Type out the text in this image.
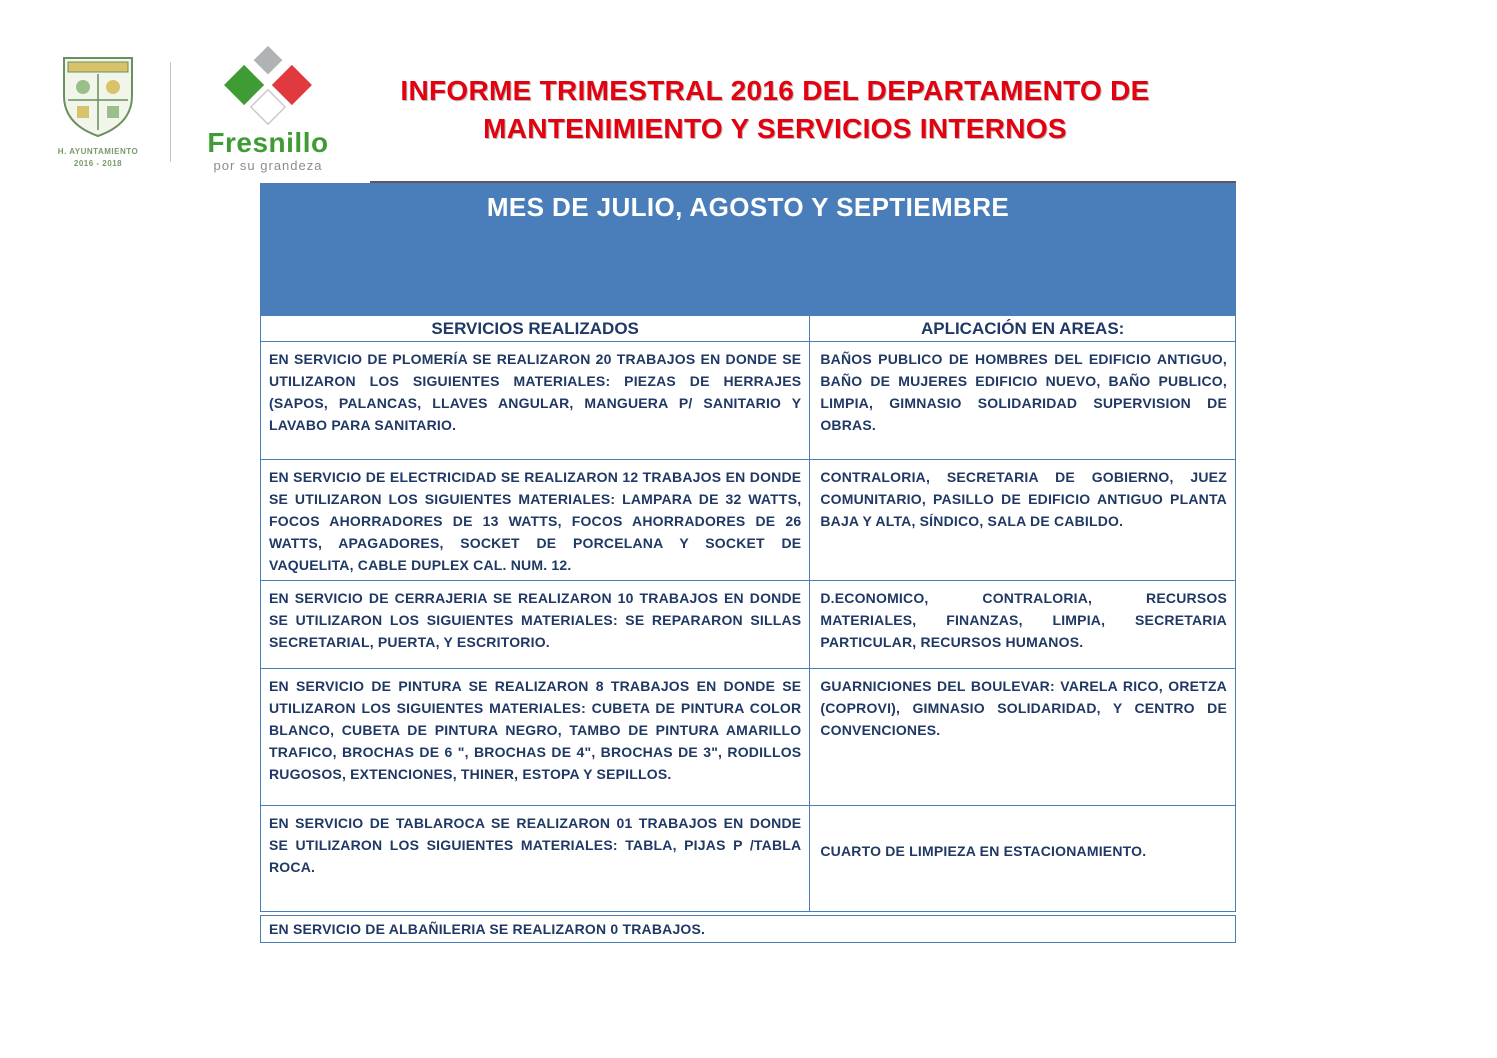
H. AYUNTAMIENTO
2016 - 2018
Fresnillo
por su grandeza
INFORME TRIMESTRAL 2016 DEL DEPARTAMENTO DE
MANTENIMIENTO Y SERVICIOS INTERNOS
MES DE JULIO, AGOSTO Y SEPTIEMBRE
SERVICIOS REALIZADOS	APLICACIÓN EN AREAS:
EN SERVICIO DE PLOMERÍA SE REALIZARON 20 TRABAJOS EN DONDE SE UTILIZARON LOS SIGUIENTES MATERIALES: PIEZAS DE HERRAJES (SAPOS, PALANCAS, LLAVES ANGULAR, MANGUERA P/ SANITARIO Y LAVABO PARA SANITARIO.
BAÑOS PUBLICO DE HOMBRES DEL EDIFICIO ANTIGUO, BAÑO DE MUJERES EDIFICIO NUEVO, BAÑO PUBLICO, LIMPIA, GIMNASIO SOLIDARIDAD SUPERVISION DE OBRAS.
EN SERVICIO DE ELECTRICIDAD SE REALIZARON 12 TRABAJOS EN DONDE SE UTILIZARON LOS SIGUIENTES MATERIALES: LAMPARA DE 32 WATTS, FOCOS AHORRADORES DE 13 WATTS, FOCOS AHORRADORES DE 26 WATTS, APAGADORES, SOCKET DE PORCELANA Y SOCKET DE VAQUELITA, CABLE DUPLEX CAL. NUM. 12.
CONTRALORIA, SECRETARIA DE GOBIERNO, JUEZ COMUNITARIO, PASILLO DE EDIFICIO ANTIGUO PLANTA BAJA Y ALTA, SÍNDICO, SALA DE CABILDO.
EN SERVICIO DE CERRAJERIA SE REALIZARON 10 TRABAJOS EN DONDE SE UTILIZARON LOS SIGUIENTES MATERIALES: SE REPARARON SILLAS SECRETARIAL, PUERTA, Y ESCRITORIO.
D.ECONOMICO, CONTRALORIA, RECURSOS MATERIALES, FINANZAS, LIMPIA, SECRETARIA PARTICULAR, RECURSOS HUMANOS.
EN SERVICIO DE PINTURA SE REALIZARON 8 TRABAJOS EN DONDE SE UTILIZARON LOS SIGUIENTES MATERIALES: CUBETA DE PINTURA COLOR BLANCO, CUBETA DE PINTURA NEGRO, TAMBO DE PINTURA AMARILLO TRAFICO, BROCHAS DE 6 ", BROCHAS DE 4", BROCHAS DE 3", RODILLOS RUGOSOS, EXTENCIONES, THINER, ESTOPA Y SEPILLOS.
GUARNICIONES DEL BOULEVAR: VARELA RICO, ORETZA (COPROVI), GIMNASIO SOLIDARIDAD, Y CENTRO DE CONVENCIONES.
EN SERVICIO DE TABLAROCA SE REALIZARON 01 TRABAJOS EN DONDE SE UTILIZARON LOS SIGUIENTES MATERIALES: TABLA, PIJAS P /TABLA ROCA.
CUARTO DE LIMPIEZA EN ESTACIONAMIENTO.
EN SERVICIO DE ALBAÑILERIA SE REALIZARON 0 TRABAJOS.
